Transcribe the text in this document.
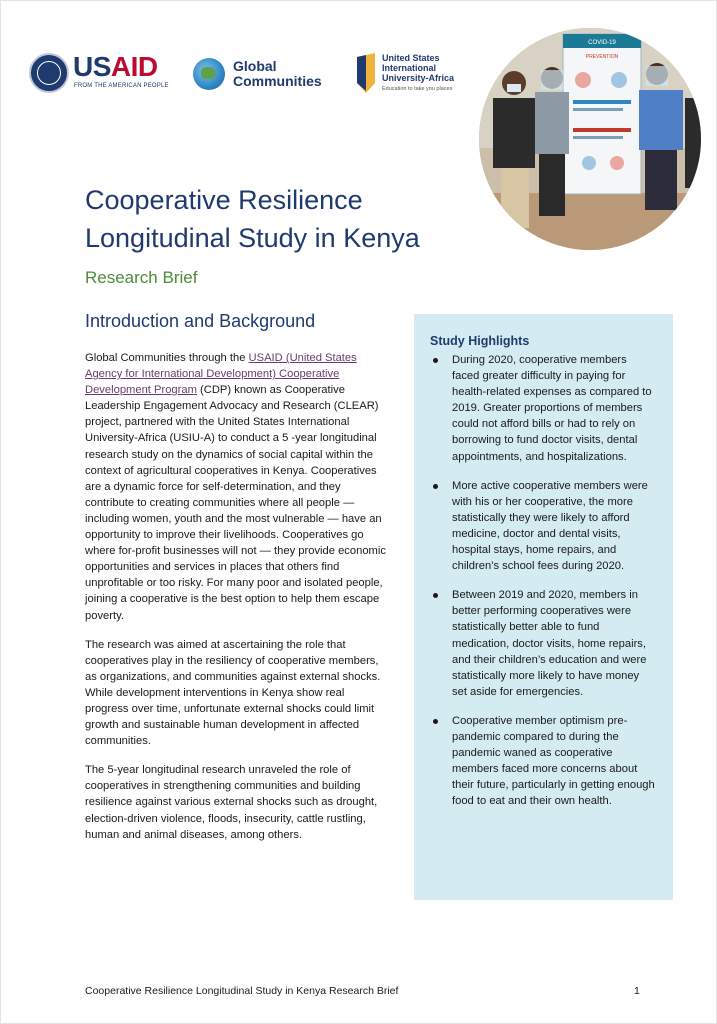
USAID
FROM THE AMERICAN PEOPLE
Global
Communities
United States
International
University-Africa
Education to take you places
COVID-19
PREVENTION
Cooperative Resilience Longitudinal Study in Kenya
Research Brief
Introduction and Background

Global Communities through the USAID (United States Agency for International Development) Cooperative Development Program (CDP) known as Cooperative Leadership Engagement Advocacy and Research (CLEAR) project, partnered with the United States International University-Africa (USIU-A) to conduct a 5 -year longitudinal research study on the dynamics of social capital within the context of agricultural cooperatives in Kenya. Cooperatives are a dynamic force for self-determination, and they contribute to creating communities where all people — including women, youth and the most vulnerable — have an opportunity to improve their livelihoods. Cooperatives go where for-profit businesses will not — they provide economic opportunities and services in places that others find unprofitable or too risky. For many poor and isolated people, joining a cooperative is the best option to help them escape poverty.

The research was aimed at ascertaining the role that cooperatives play in the resiliency of cooperative members, as organizations, and communities against external shocks. While development interventions in Kenya show real progress over time, unfortunate external shocks could limit growth and sustainable human development in affected communities.

The 5-year longitudinal research unraveled the role of cooperatives in strengthening communities and building resilience against various external shocks such as drought, election-driven violence, floods, insecurity, cattle rustling, human and animal diseases, among others.

Study Highlights
During 2020, cooperative members faced greater difficulty in paying for health-related expenses as compared to 2019. Greater proportions of members could not afford bills or had to rely on borrowing to fund doctor visits, dental appointments, and hospitalizations.
More active cooperative members were with his or her cooperative, the more statistically they were likely to afford medicine, doctor and dental visits, hospital stays, home repairs, and children’s school fees during 2020.
Between 2019 and 2020, members in better performing cooperatives were statistically better able to fund medication, doctor visits, home repairs, and their children’s education and were statistically more likely to have money set aside for emergencies.
Cooperative member optimism pre-pandemic compared to during the pandemic waned as cooperative members faced more concerns about their future, particularly in getting enough food to eat and their own health.
Cooperative Resilience Longitudinal Study in Kenya Research Brief	1
